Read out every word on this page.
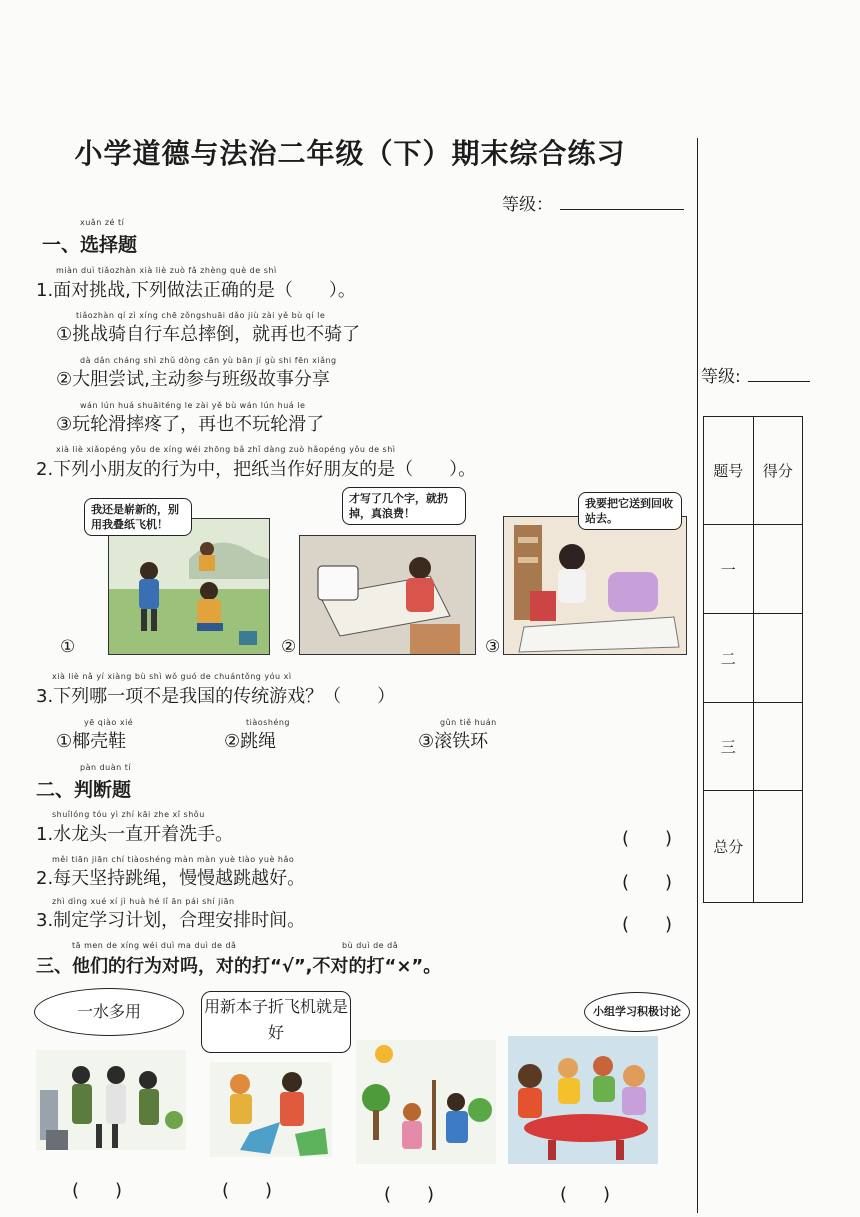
小学道德与法治二年级（下）期末综合练习
等级：
xuǎn zé tí
一、选择题
miàn duì tiǎozhàn xià liè zuò fǎ zhèng què de shì
1.面对挑战,下列做法正确的是（　　）。
tiǎozhàn qí zì xíng chē zǒngshuāi dǎo jiù zài yě bù qí le
①挑战骑自行车总摔倒，就再也不骑了
dà dǎn cháng shì zhǔ dòng cān yù bān jí gù shi fēn xiǎng
②大胆尝试,主动参与班级故事分享
wán lún huá shuāiténg le zài yě bù wán lún huá le
③玩轮滑摔疼了，再也不玩轮滑了
xià liè xiǎopéng yǒu de xíng wéi zhōng bǎ zhǐ dàng zuò hǎopéng yǒu de shì
2.下列小朋友的行为中，把纸当作好朋友的是（　　）。
我还是崭新的，别用我叠纸飞机！
①
才写了几个字，就扔掉，真浪费！
②
我要把它送到回收站去。
③
xià liè nǎ yí xiàng bù shì wǒ guó de chuántǒng yóu xì
3.下列哪一项不是我国的传统游戏？（　　）
yē qiào xié
①椰壳鞋
tiàoshéng
②跳绳
gǔn tiě huán
③滚铁环
pàn duàn tí
二、判断题
shuǐlóng tóu yì zhí kāi zhe xǐ shǒu
1.水龙头一直开着洗手。	(　　)
měi tiān jiān chí tiàoshéng màn màn yuè tiào yuè hǎo
2.每天坚持跳绳，慢慢越跳越好。	(　　)
zhì dìng xué xí jì huà hé lǐ ān pái shí jiān
3.制定学习计划，合理安排时间。	(　　)
tā men de xíng wéi duì ma duì de dǎ	bù duì de dǎ
三、他们的行为对吗，对的打“√”,不对的打“×”。
一水多用
(　　)
用新本子折飞机就是好
(　　)	(　　)
小组学习积极讨论
(　　)
等级:
题号	得分
一	
二	
三	
总分	
